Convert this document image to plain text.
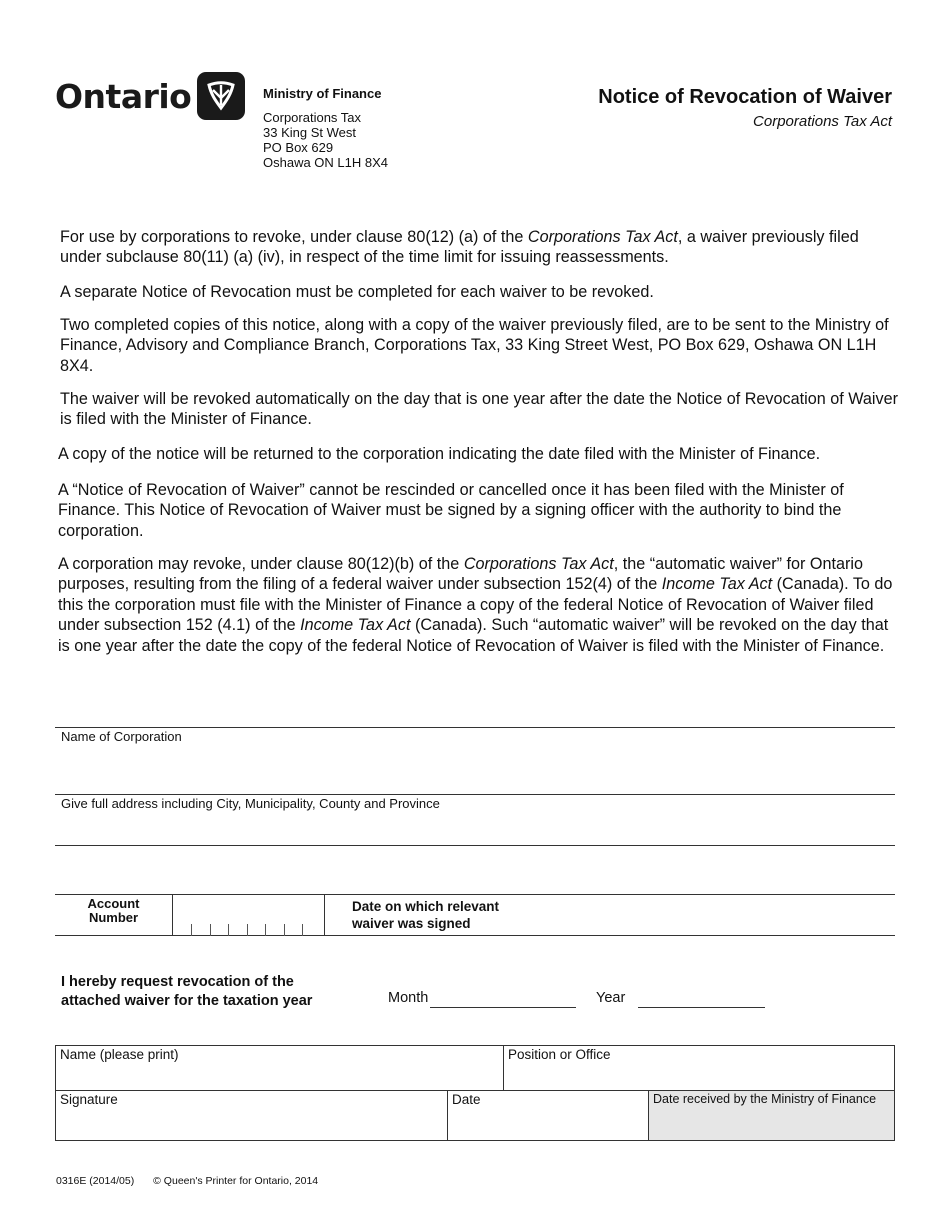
Ontario	Ministry of Finance
Corporations Tax
33 King St West
PO Box 629
Oshawa ON L1H 8X4
Notice of Revocation of Waiver
Corporations Tax Act

For use by corporations to revoke, under clause 80(12) (a) of the Corporations Tax Act, a waiver previously filed under subclause 80(11) (a) (iv), in respect of the time limit for issuing reassessments.

A separate Notice of Revocation must be completed for each waiver to be revoked.

Two completed copies of this notice, along with a copy of the waiver previously filed, are to be sent to the Ministry of Finance, Advisory and Compliance Branch, Corporations Tax, 33 King Street West, PO Box 629, Oshawa ON L1H 8X4.

The waiver will be revoked automatically on the day that is one year after the date the Notice of Revocation of Waiver is filed with the Minister of Finance.

A copy of the notice will be returned to the corporation indicating the date filed with the Minister of Finance.

A “Notice of Revocation of Waiver” cannot be rescinded or cancelled once it has been filed with the Minister of Finance. This Notice of Revocation of Waiver must be signed by a signing officer with the authority to bind the corporation.

A corporation may revoke, under clause 80(12)(b) of the Corporations Tax Act, the “automatic waiver” for Ontario purposes, resulting from the filing of a federal waiver under subsection 152(4) of the Income Tax Act (Canada). To do this the corporation must file with the Minister of Finance a copy of the federal Notice of Revocation of Waiver filed under subsection 152 (4.1) of the Income Tax Act (Canada). Such “automatic waiver” will be revoked on the day that is one year after the date the copy of the federal Notice of Revocation of Waiver is filed with the Minister of Finance.

Name of Corporation
Give full address including City, Municipality, County and Province
Account
Number
Date on which relevant
waiver was signed
I hereby request revocation of the
attached waiver for the taxation year	Month	Year
Name (please print)	Position or Office
Signature	Date	Date received by the Ministry of Finance
0316E (2014/05) © Queen's Printer for Ontario, 2014
